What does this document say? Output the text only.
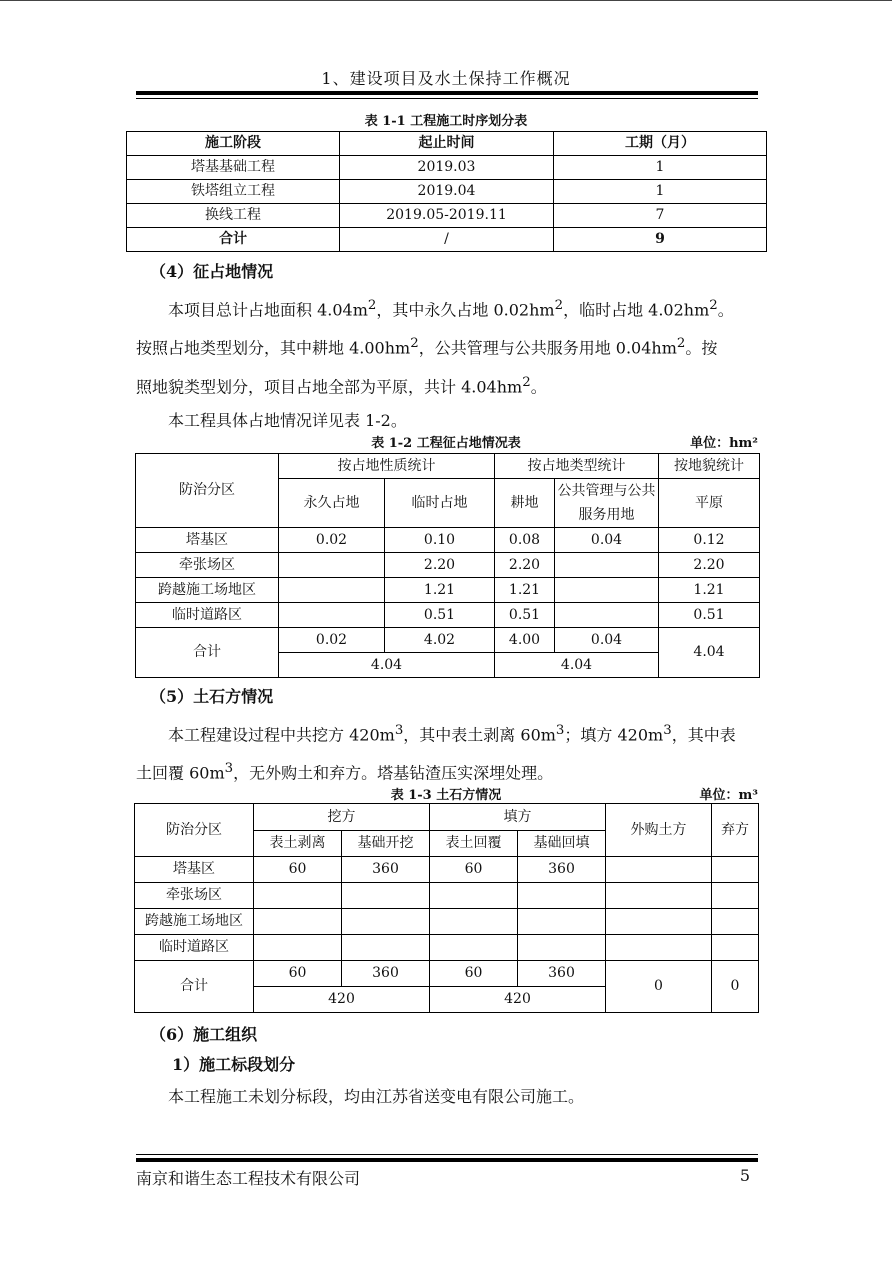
1、建设项目及水土保持工作概况
表 1-1 工程施工时序划分表
施工阶段	起止时间	工期（月）
塔基基础工程	2019.03	1
铁塔组立工程	2019.04	1
换线工程	2019.05-2019.11	7
合计	/	9
（4）征占地情况
本项目总计占地面积 $4.04m^2$，其中永久占地 $0.02hm^2$，临时占地 $4.02hm^2$。
按照占地类型划分，其中耕地 $4.00hm^2$，公共管理与公共服务用地 $0.04hm^2$。按
照地貌类型划分，项目占地全部为平原，共计 $4.04hm^2$。
本工程具体占地情况详见表 1-2。
表 1-2 工程征占地情况表	单位：hm²
防治分区	按占地性质统计		按占地类型统计		按地貌统计
	永久占地	临时占地	耕地	公共管理与公共服务用地	平原
塔基区	0.02	0.10	0.08	0.04	0.12
牵张场区		2.20	2.20		2.20
跨越施工场地区		1.21	1.21		1.21
临时道路区		0.51	0.51		0.51
合计	0.02	4.02	4.00	0.04	4.04
	4.04		4.04		
（5）土石方情况
本工程建设过程中共挖方 $420m^3$，其中表土剥离 $60m^3$；填方 $420m^3$，其中表
土回覆 $60m^3$，无外购土和弃方。塔基钻渣压实深埋处理。
表 1-3 土石方情况	单位：m³
防治分区	挖方		填方		外购土方	弃方
	表土剥离	基础开挖	表土回覆	基础回填		
塔基区	60	360	60	360		
牵张场区						
跨越施工场地区						
临时道路区						
合计	60	360	60	360	0	0
	420		420			
（6）施工组织
1）施工标段划分
本工程施工未划分标段，均由江苏省送变电有限公司施工。
南京和谐生态工程技术有限公司	5
